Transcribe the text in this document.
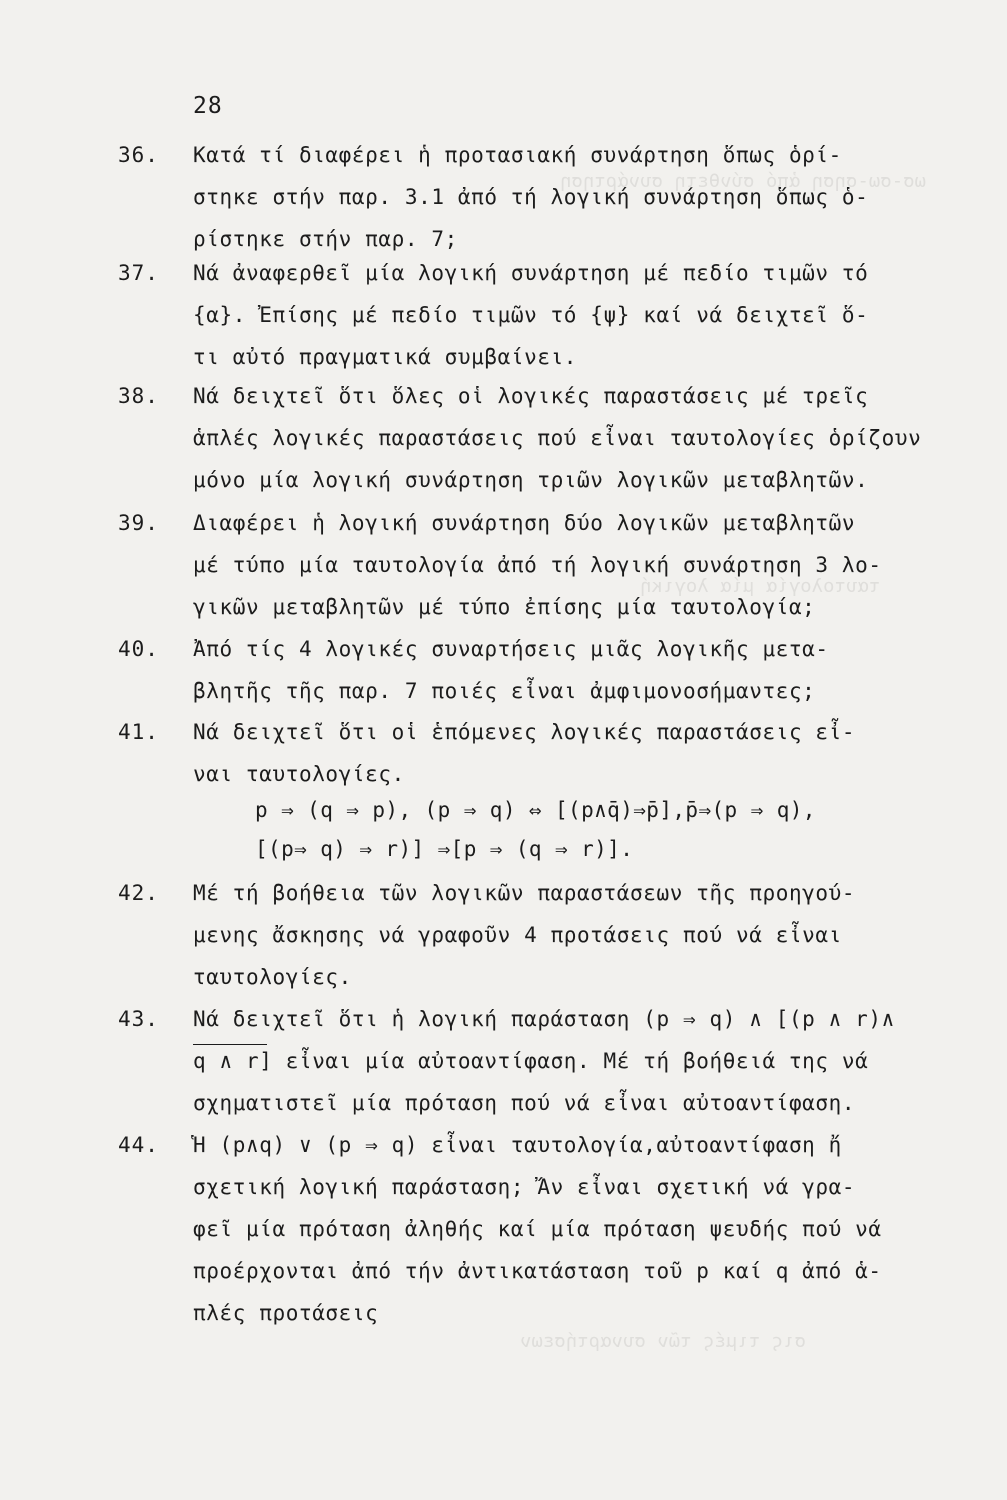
ωσ-σω-σηση ἀπό σύνθετη συνάρτηση
ταυτολογία μία λογική
σις τιμές τῶν συναρτήσεων
28
36. Κατά τί διαφέρει ἡ προτασιακή συνάρτηση ὅπως ὁρί-
στηκε στήν παρ. 3.1 ἀπό τή λογική συνάρτηση ὅπως ὁ-
ρίστηκε στήν παρ. 7;
37. Νά ἀναφερθεῖ μία λογική συνάρτηση μέ πεδίο τιμῶν τό
{α}. Ἐπίσης μέ πεδίο τιμῶν τό {ψ} καί νά δειχτεῖ ὅ-
τι αὐτό πραγματικά συμβαίνει.
38. Νά δειχτεῖ ὅτι ὅλες οἱ λογικές παραστάσεις μέ τρεῖς
ἁπλές λογικές παραστάσεις πού εἶναι ταυτολογίες ὁρίζουν
μόνο μία λογική συνάρτηση τριῶν λογικῶν μεταβλητῶν.
39. Διαφέρει ἡ λογική συνάρτηση δύο λογικῶν μεταβλητῶν
μέ τύπο μία ταυτολογία ἀπό τή λογική συνάρτηση 3 λο-
γικῶν μεταβλητῶν μέ τύπο ἐπίσης μία ταυτολογία;
40. Ἀπό τίς 4 λογικές συναρτήσεις μιᾶς λογικῆς μετα-
βλητῆς τῆς παρ. 7 ποιές εἶναι ἀμφιμονοσήμαντες;
41. Νά δειχτεῖ ὅτι οἱ ἑπόμενες λογικές παραστάσεις εἶ-
ναι ταυτολογίες.
p ⇒ (q ⇒ p), (p ⇒ q) ⇔ [(p∧q̄)⇒p̄],p̄⇒(p ⇒ q),
[(p⇒ q) ⇒ r)] ⇒[p ⇒ (q ⇒ r)].
42. Μέ τή βοήθεια τῶν λογικῶν παραστάσεων τῆς προηγού-
μενης ἄσκησης νά γραφοῦν 4 προτάσεις πού νά εἶναι
ταυτολογίες.
43. Νά δειχτεῖ ὅτι ἡ λογική παράσταση (p ⇒ q) ∧ [(p ∧ r)∧
q ∧ r] εἶναι μία αὐτοαντίφαση. Μέ τή βοήθειά της νά
σχηματιστεῖ μία πρόταση πού νά εἶναι αὐτοαντίφαση.
44. Ἡ (p∧q) ∨ (p ⇒ q) εἶναι ταυτολογία,αὐτοαντίφαση ἤ
σχετική λογική παράσταση; Ἄν εἶναι σχετική νά γρα-
φεῖ μία πρόταση ἀληθής καί μία πρόταση ψευδής πού νά
προέρχονται ἀπό τήν ἀντικατάσταση τοῦ p καί q ἀπό ἁ-
πλές προτάσεις
